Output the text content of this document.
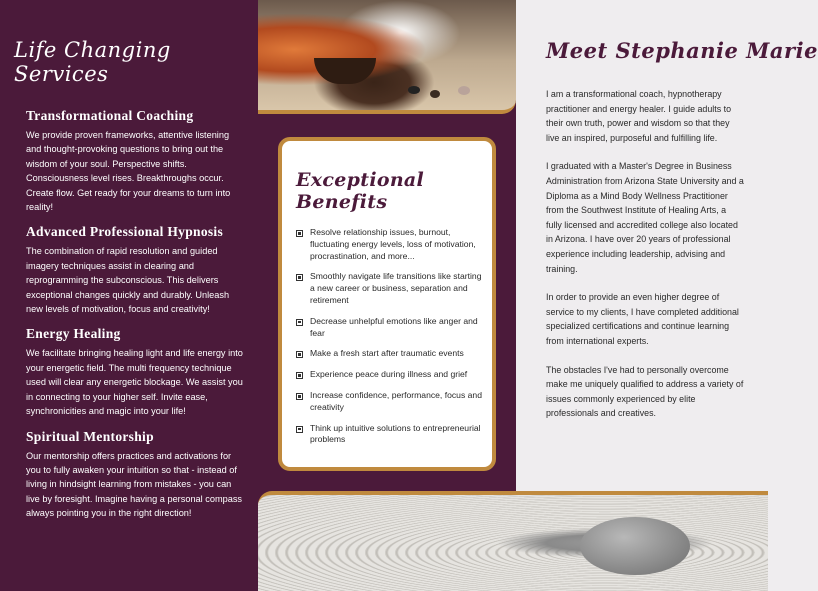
Life Changing Services
Transformational Coaching

We provide proven frameworks, attentive listening and thought-provoking questions to bring out the wisdom of your soul. Perspective shifts. Consciousness level rises. Breakthroughs occur. Create flow. Get ready for your dreams to turn into reality!

Advanced Professional Hypnosis

The combination of rapid resolution and guided imagery techniques assist in clearing and reprogramming the subconscious. This delivers exceptional changes quickly and durably. Unleash new levels of motivation, focus and creativity!

Energy Healing

We facilitate bringing healing light and life energy into your energetic field. The multi frequency technique used will clear any energetic blockage. We assist you in connecting to your higher self. Invite ease, synchronicities and magic into your life!

Spiritual Mentorship

Our mentorship offers practices and activations for you to fully awaken your intuition so that - instead of living in hindsight learning from mistakes - you can live by foresight. Imagine having a personal compass always pointing you in the right direction!

Exceptional Benefits
Resolve relationship issues, burnout, fluctuating energy levels, loss of motivation, procrastination, and more...
Smoothly navigate life transitions like starting a new career or business, separation and retirement
Decrease unhelpful emotions like anger and fear
Make a fresh start after traumatic events
Experience peace during illness and grief
Increase confidence, performance, focus and creativity
Think up intuitive solutions to entrepreneurial problems
Meet Stephanie Marie

I am a transformational coach, hypnotherapy practitioner and energy healer. I guide adults to their own truth, power and wisdom so that they live an inspired, purposeful and fulfilling life.

I graduated with a Master's Degree in Business Administration from Arizona State University and a Diploma as a Mind Body Wellness Practitioner from the Southwest Institute of Healing Arts, a fully licensed and accredited college also located in Arizona. I have over 20 years of professional experience including leadership, advising and training.

In order to provide an even higher degree of service to my clients, I have completed additional specialized certifications and continue learning from international experts.

The obstacles I've had to personally overcome make me uniquely qualified to address a variety of issues commonly experienced by elite professionals and creatives.
